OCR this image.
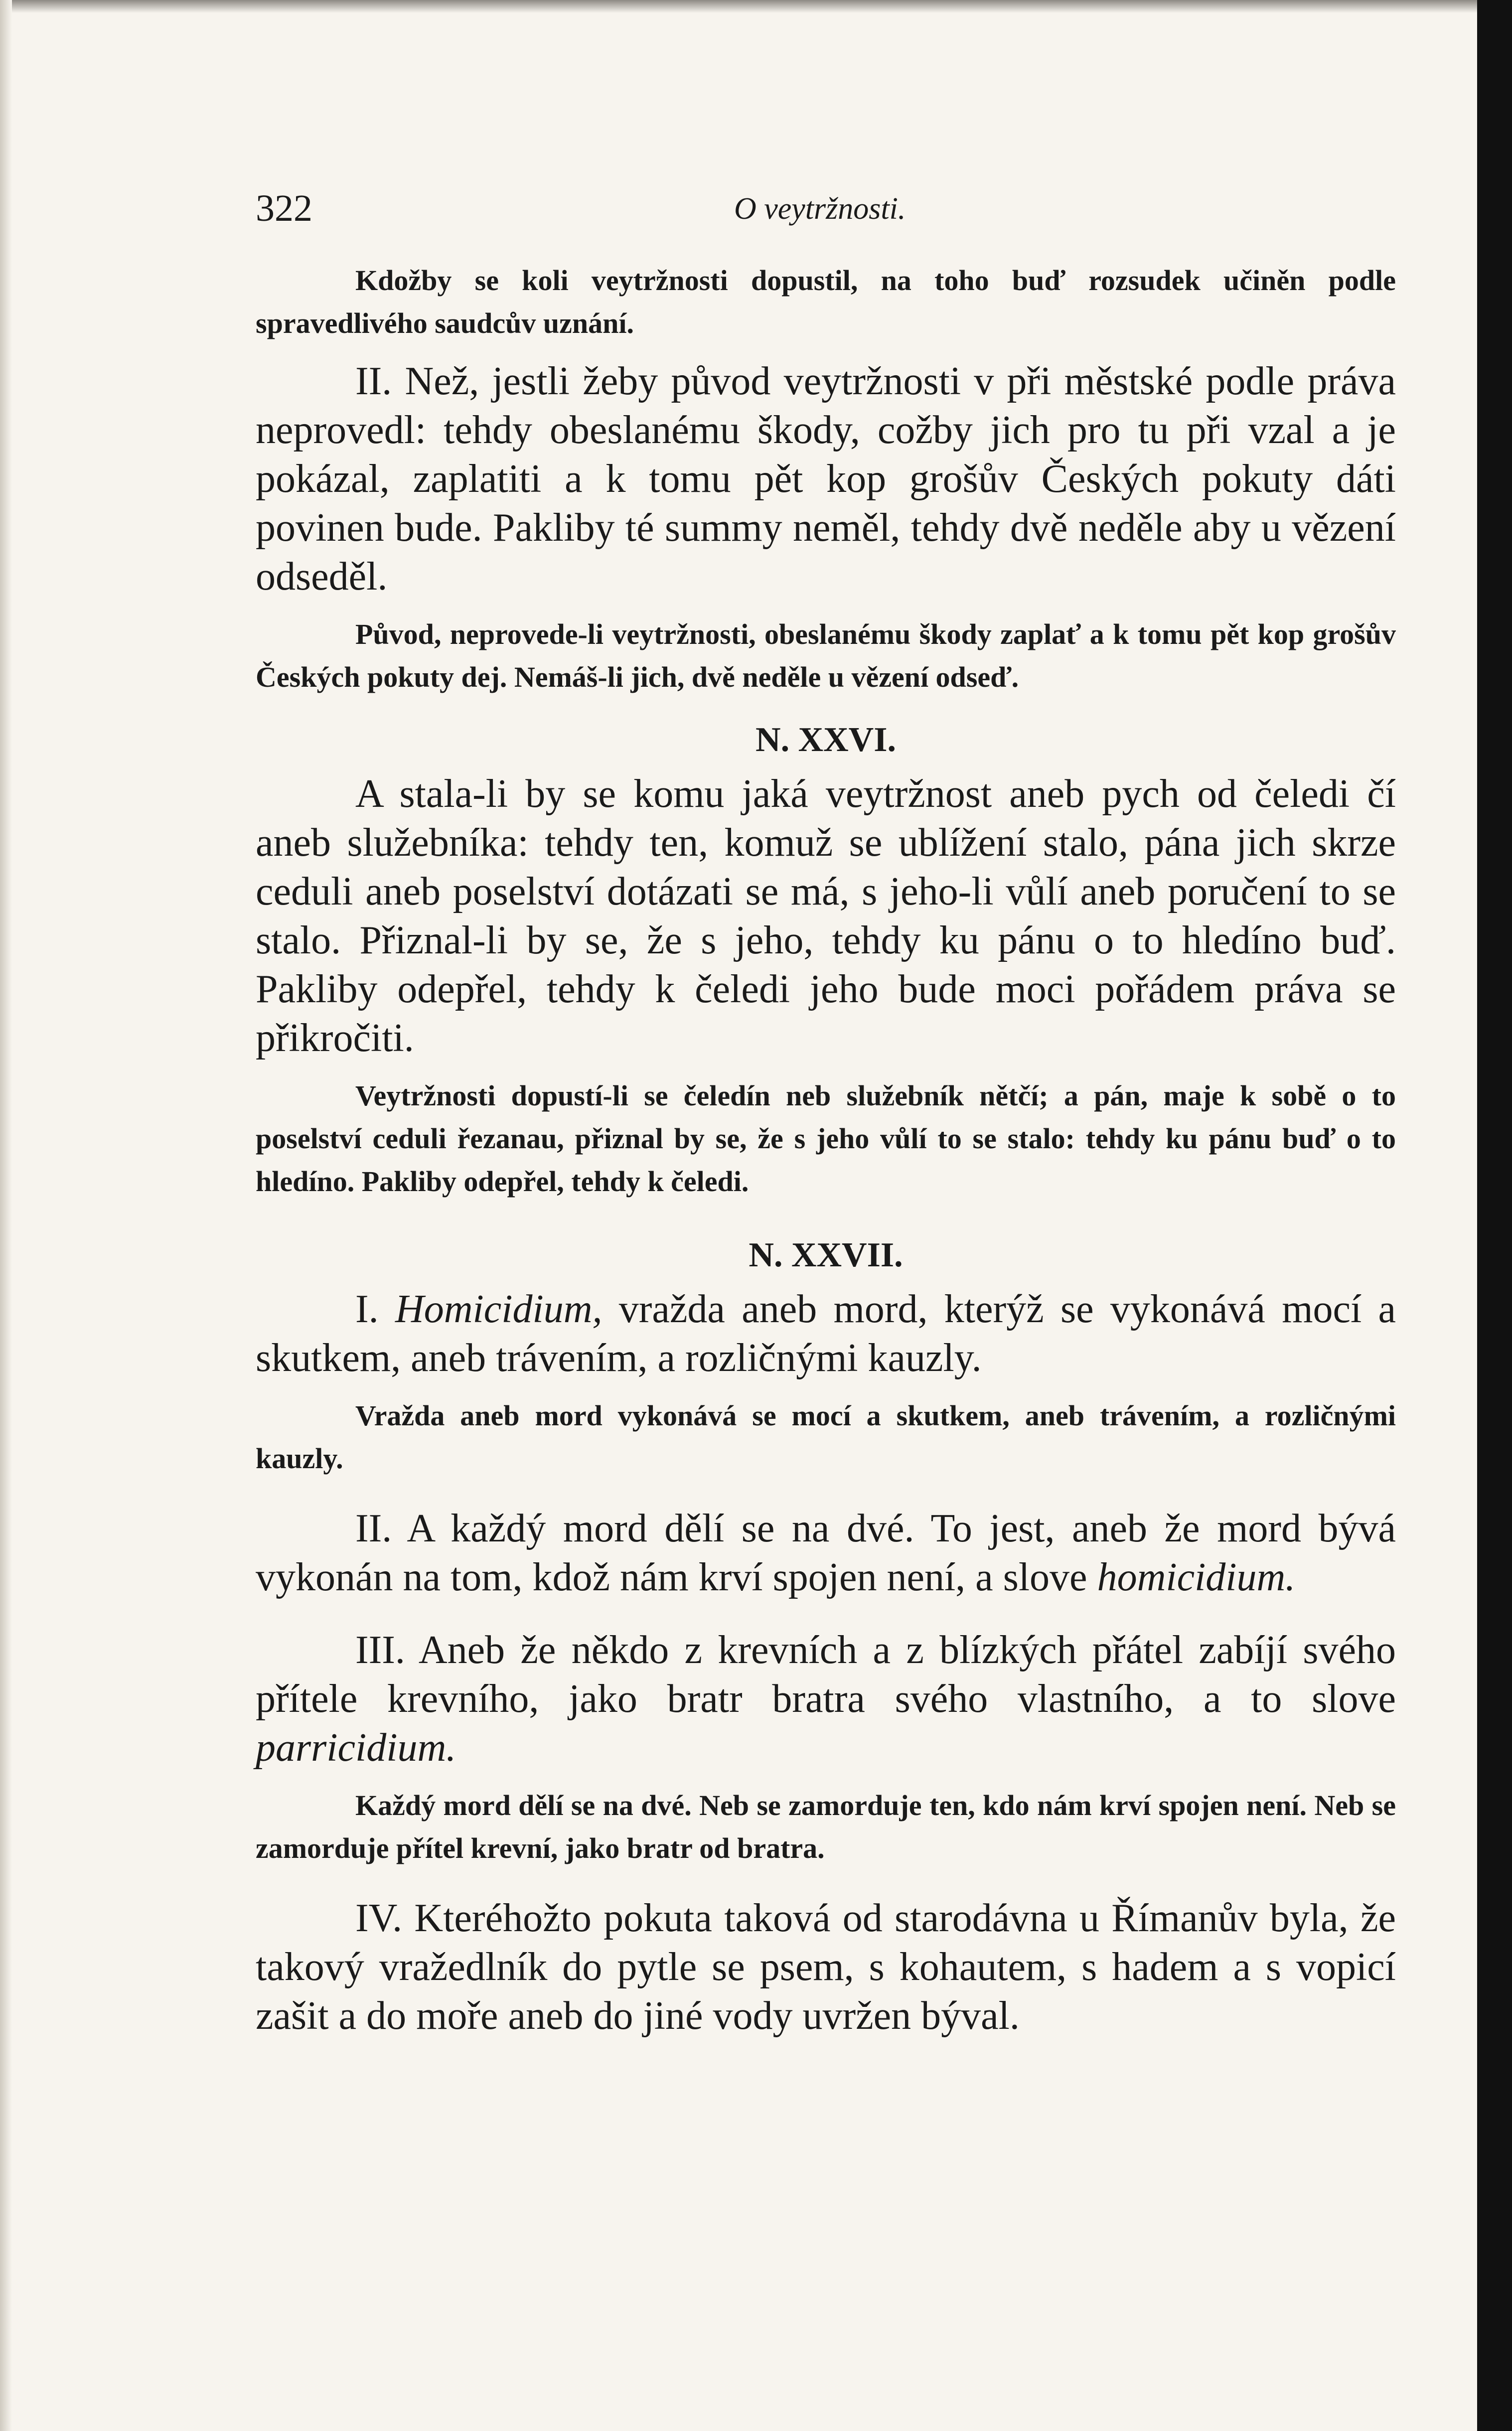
322	O veytržnosti.

Kdožby se koli veytržnosti dopustil, na toho buď rozsudek učiněn podle spravedlivého saudcův uznání.

II. Než, jestli žeby původ veytržnosti v při městské podle práva neprovedl: tehdy obeslanému škody, cožby jich pro tu při vzal a je pokázal, zaplatiti a k tomu pět kop grošův Českých pokuty dáti povinen bude. Pakliby té summy neměl, tehdy dvě neděle aby u vězení odseděl.

Původ, neprovede-li veytržnosti, obeslanému škody zaplať a k tomu pět kop grošův Českých pokuty dej. Nemáš-li jich, dvě neděle u vězení odseď.

N. XXVI.

A stala-li by se komu jaká veytržnost aneb pych od čeledi čí aneb služebníka: tehdy ten, komuž se ublížení stalo, pána jich skrze ceduli aneb poselství dotázati se má, s jeho-li vůlí aneb poručení to se stalo. Přiznal-li by se, že s jeho, tehdy ku pánu o to hledíno buď. Pakliby odepřel, tehdy k čeledi jeho bude moci pořádem práva se přikročiti.

Veytržnosti dopustí-li se čeledín neb služebník nětčí; a pán, maje k sobě o to poselství ceduli řezanau, přiznal by se, že s jeho vůlí to se stalo: tehdy ku pánu buď o to hledíno. Pakliby odepřel, tehdy k čeledi.

N. XXVII.

I. Homicidium, vražda aneb mord, kterýž se vykonává mocí a skutkem, aneb trávením, a rozličnými kauzly.

Vražda aneb mord vykonává se mocí a skutkem, aneb trávením, a rozličnými kauzly.

II. A každý mord dělí se na dvé. To jest, aneb že mord bývá vykonán na tom, kdož nám krví spojen není, a slove homicidium.

III. Aneb že někdo z krevních a z blízkých přátel zabíjí svého přítele krevního, jako bratr bratra svého vlastního, a to slove parricidium.

Každý mord dělí se na dvé. Neb se zamorduje ten, kdo nám krví spojen není. Neb se zamorduje přítel krevní, jako bratr od bratra.

IV. Kteréhožto pokuta taková od starodávna u Římanův byla, že takový vražedlník do pytle se psem, s kohautem, s hadem a s vopicí zašit a do moře aneb do jiné vody uvržen býval.
